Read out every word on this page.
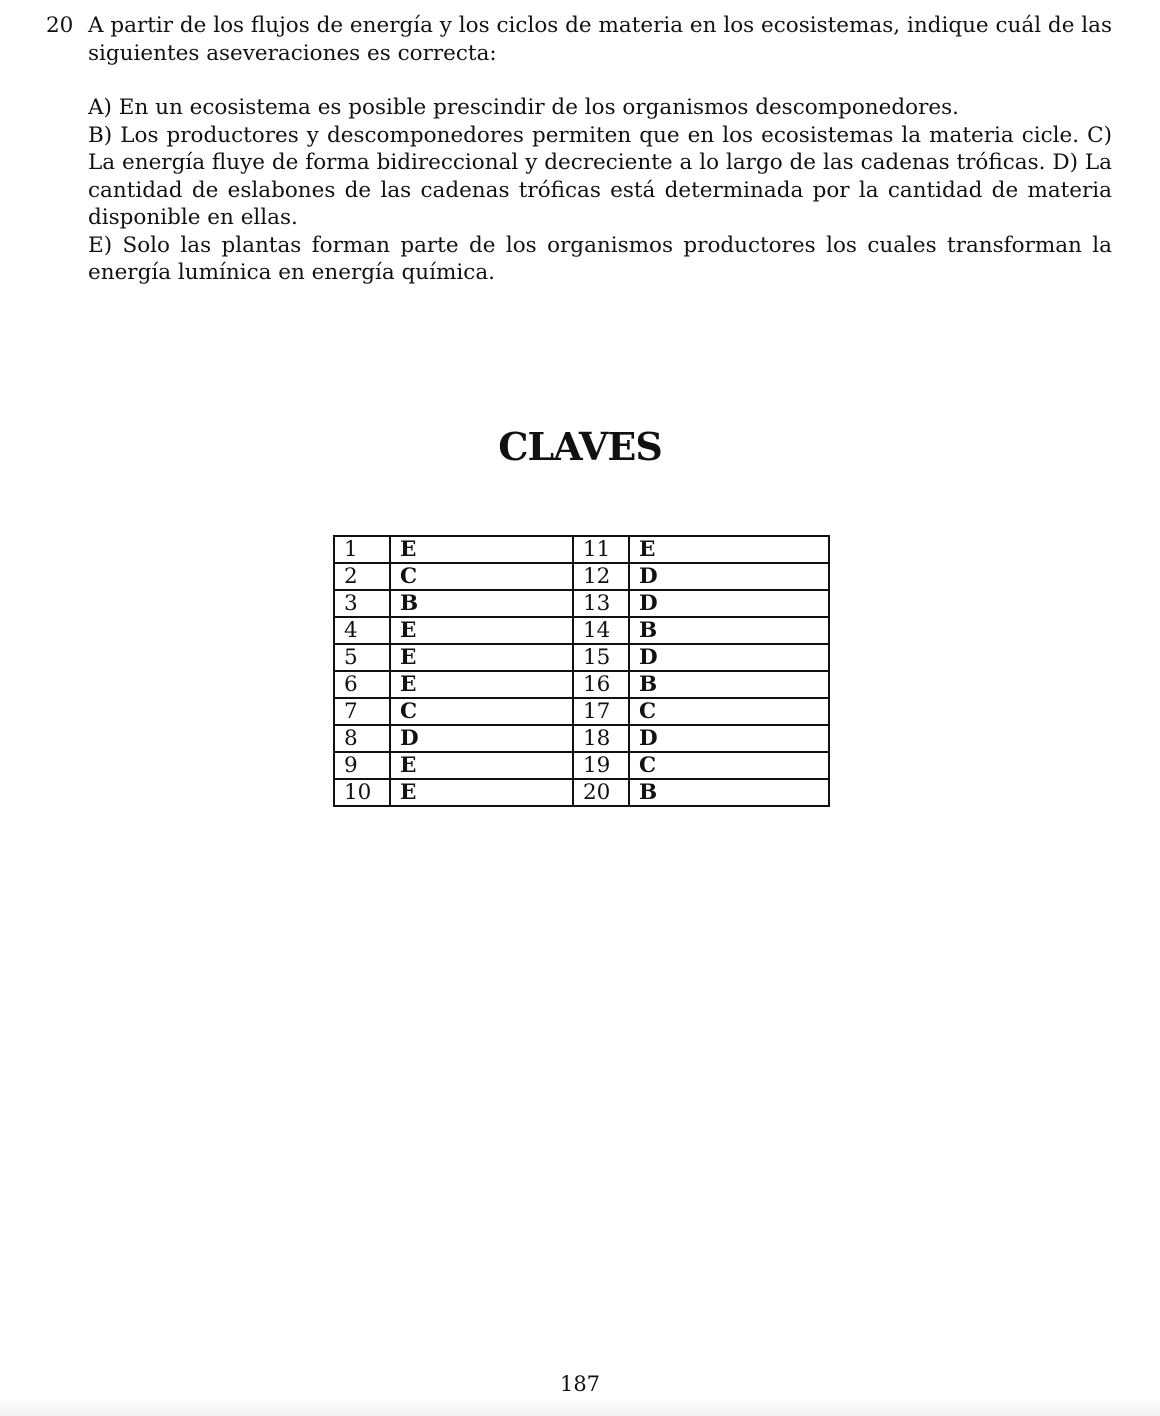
20 A partir de los flujos de energía y los ciclos de materia en los ecosistemas, indique cuál de las siguientes aseveraciones es correcta:
A) En un ecosistema es posible prescindir de los organismos descomponedores.
B) Los productores y descomponedores permiten que en los ecosistemas la materia cicle. C) La energía fluye de forma bidireccional y decreciente a lo largo de las cadenas tróficas. D) La cantidad de eslabones de las cadenas tróficas está determinada por la cantidad de materia disponible en ellas.
E) Solo las plantas forman parte de los organismos productores los cuales transforman la energía lumínica en energía química.
CLAVES
1	E	11	E
2	C	12	D
3	B	13	D
4	E	14	B
5	E	15	D
6	E	16	B
7	C	17	C
8	D	18	D
9	E	19	C
10	E	20	B
187
